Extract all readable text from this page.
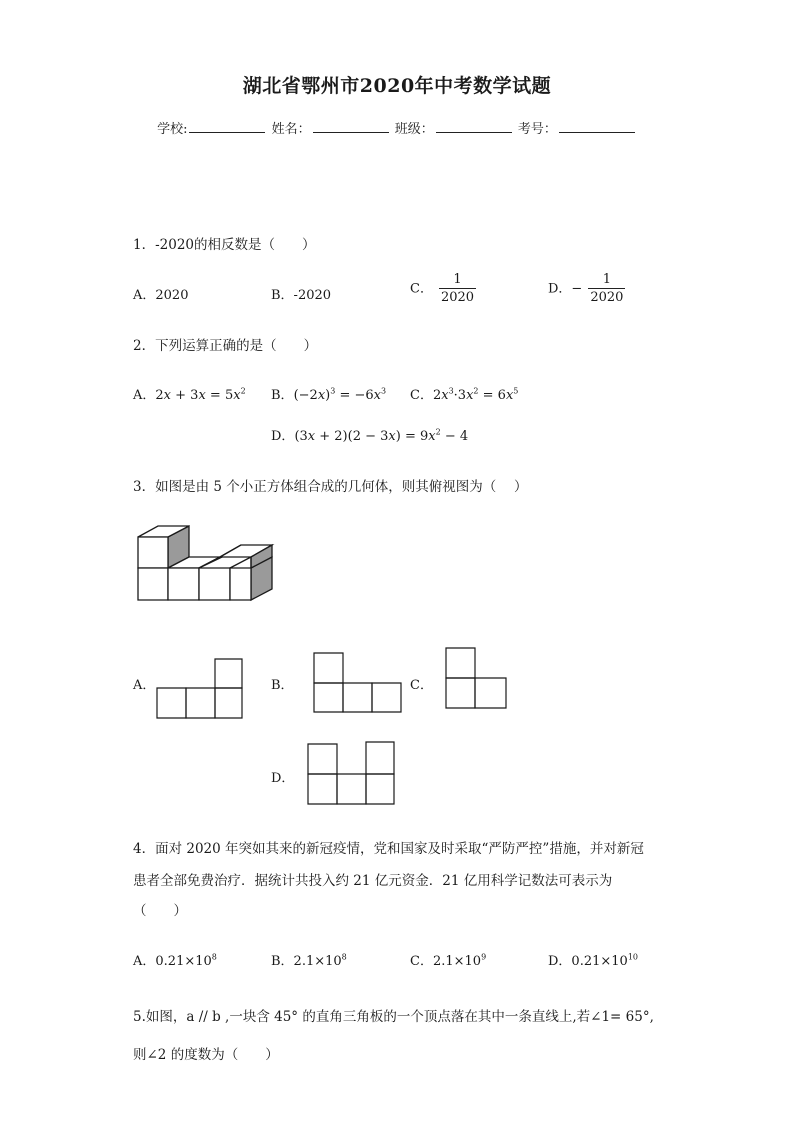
湖北省鄂州市2020年中考数学试题
学校:	姓名：	班级：	考号：
1．-2020的相反数是（　　）
A．2020	B．-2020	C． $\frac{1}{2020}$	D．− $\frac{1}{2020}$
2．下列运算正确的是（　　）
A．$2x + 3x = 5x^2$ B．$(-2x)^3 = -6x^3$ C．$2x^3\cdot 3x^2 = 6x^5$
D．$(3x + 2)(2 - 3x) = 9x^2 - 4$
3．如图是由 5 个小正方体组合成的几何体，则其俯视图为（　 ）
A．	B．	C．
D．
4．面对 2020 年突如其来的新冠疫情，党和国家及时采取“严防严控”措施，并对新冠
患者全部免费治疗．据统计共投入约 21 亿元资金．21 亿用科学记数法可表示为
（　　）
A．$0.21\times 10^8$	B．$2.1\times 10^8$	C．$2.1\times 10^9$	D．$0.21\times 10^{10}$
5.如图，a // b ,一块含 45° 的直角三角板的一个顶点落在其中一条直线上,若∠1= 65°,
则∠2 的度数为（　　）
